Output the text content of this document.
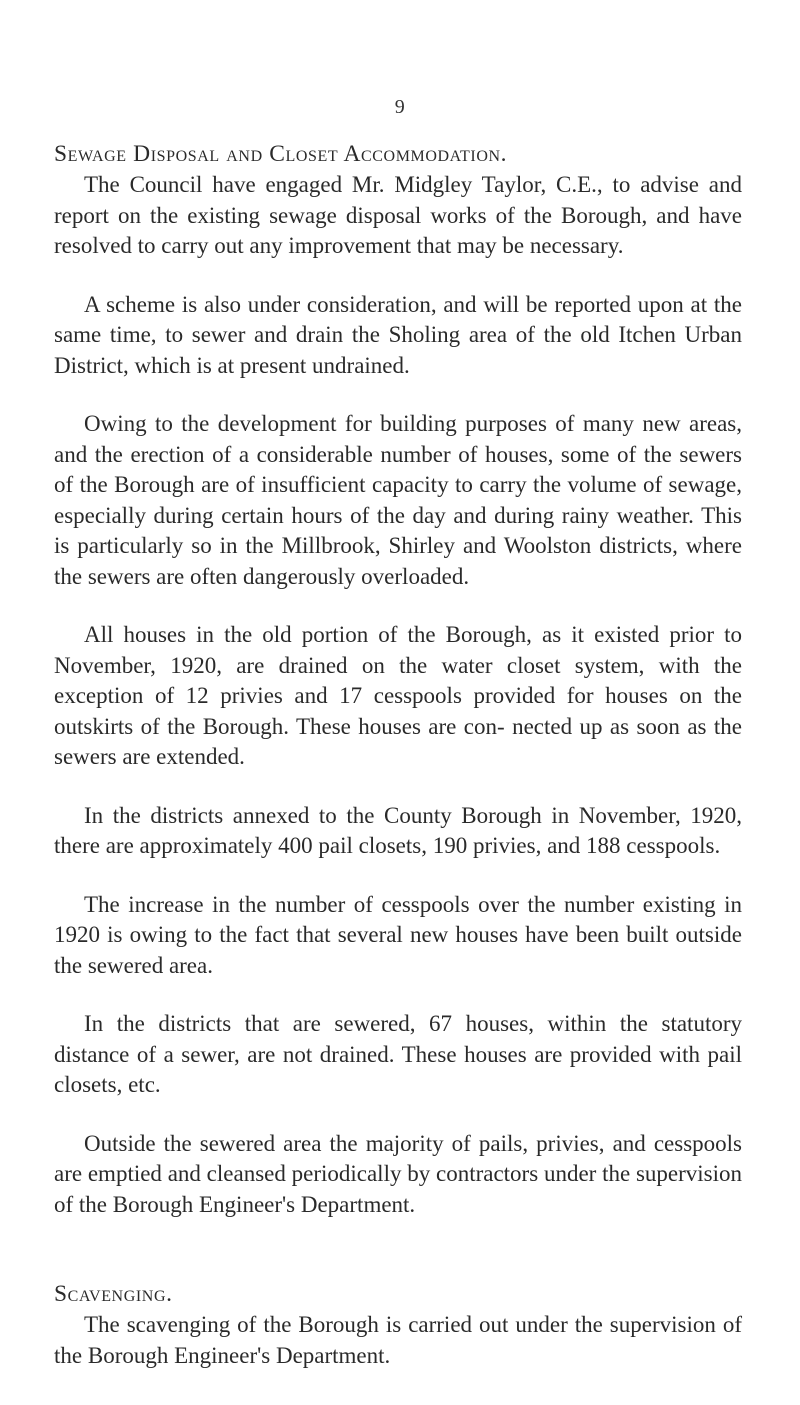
9
Sewage Disposal and Closet Accommodation.

The Council have engaged Mr. Midgley Taylor, C.E., to advise and report on the existing sewage disposal works of the Borough, and have resolved to carry out any improvement that may be necessary.

A scheme is also under consideration, and will be reported upon at the same time, to sewer and drain the Sholing area of the old Itchen Urban District, which is at present undrained.

Owing to the development for building purposes of many new areas, and the erection of a considerable number of houses, some of the sewers of the Borough are of insufficient capacity to carry the volume of sewage, especially during certain hours of the day and during rainy weather. This is particularly so in the Millbrook, Shirley and Woolston districts, where the sewers are often dangerously overloaded.

All houses in the old portion of the Borough, as it existed prior to November, 1920, are drained on the water closet system, with the exception of 12 privies and 17 cesspools provided for houses on the outskirts of the Borough. These houses are con- nected up as soon as the sewers are extended.

In the districts annexed to the County Borough in November, 1920, there are approximately 400 pail closets, 190 privies, and 188 cesspools.

The increase in the number of cesspools over the number existing in 1920 is owing to the fact that several new houses have been built outside the sewered area.

In the districts that are sewered, 67 houses, within the statutory distance of a sewer, are not drained. These houses are provided with pail closets, etc.

Outside the sewered area the majority of pails, privies, and cesspools are emptied and cleansed periodically by contractors under the supervision of the Borough Engineer's Department.

Scavenging.

The scavenging of the Borough is carried out under the supervision of the Borough Engineer's Department.
